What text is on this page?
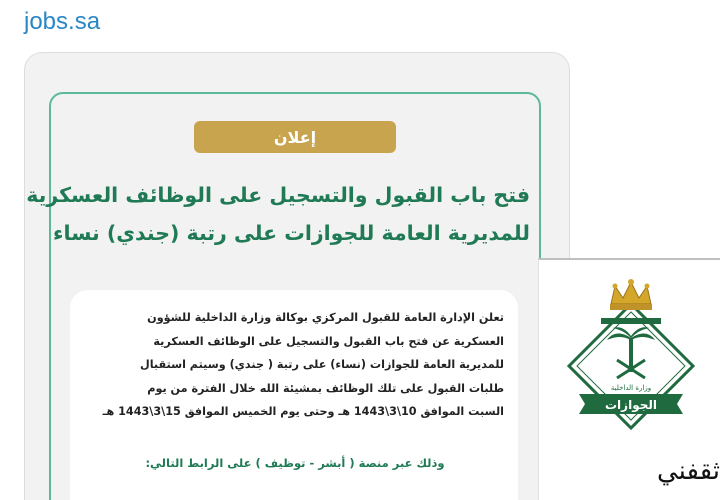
jobs.sa
إعلان
فتح باب القبول والتسجيل على الوظائف العسكرية
للمديرية العامة للجوازات على رتبة (جندي) نساء
تعلن الإدارة العامة للقبول المركزي بوكالة وزارة الداخلية للشؤون
العسكرية عن فتح باب القبول والتسجيل على الوظائف العسكرية
للمديرية العامة للجوازات (نساء) على رتبة ( جندي) وسيتم استقبال
طلبات القبول على تلك الوظائف بمشيئة الله خلال الفترة من يوم
السبت الموافق 10\3\1443 هـ وحتى يوم الخميس الموافق 15\3\1443 هـ
وذلك عبر منصة ( أبشر - توظيف ) على الرابط التالي:
وزارة الداخلية
الجوازات
ثقفني
